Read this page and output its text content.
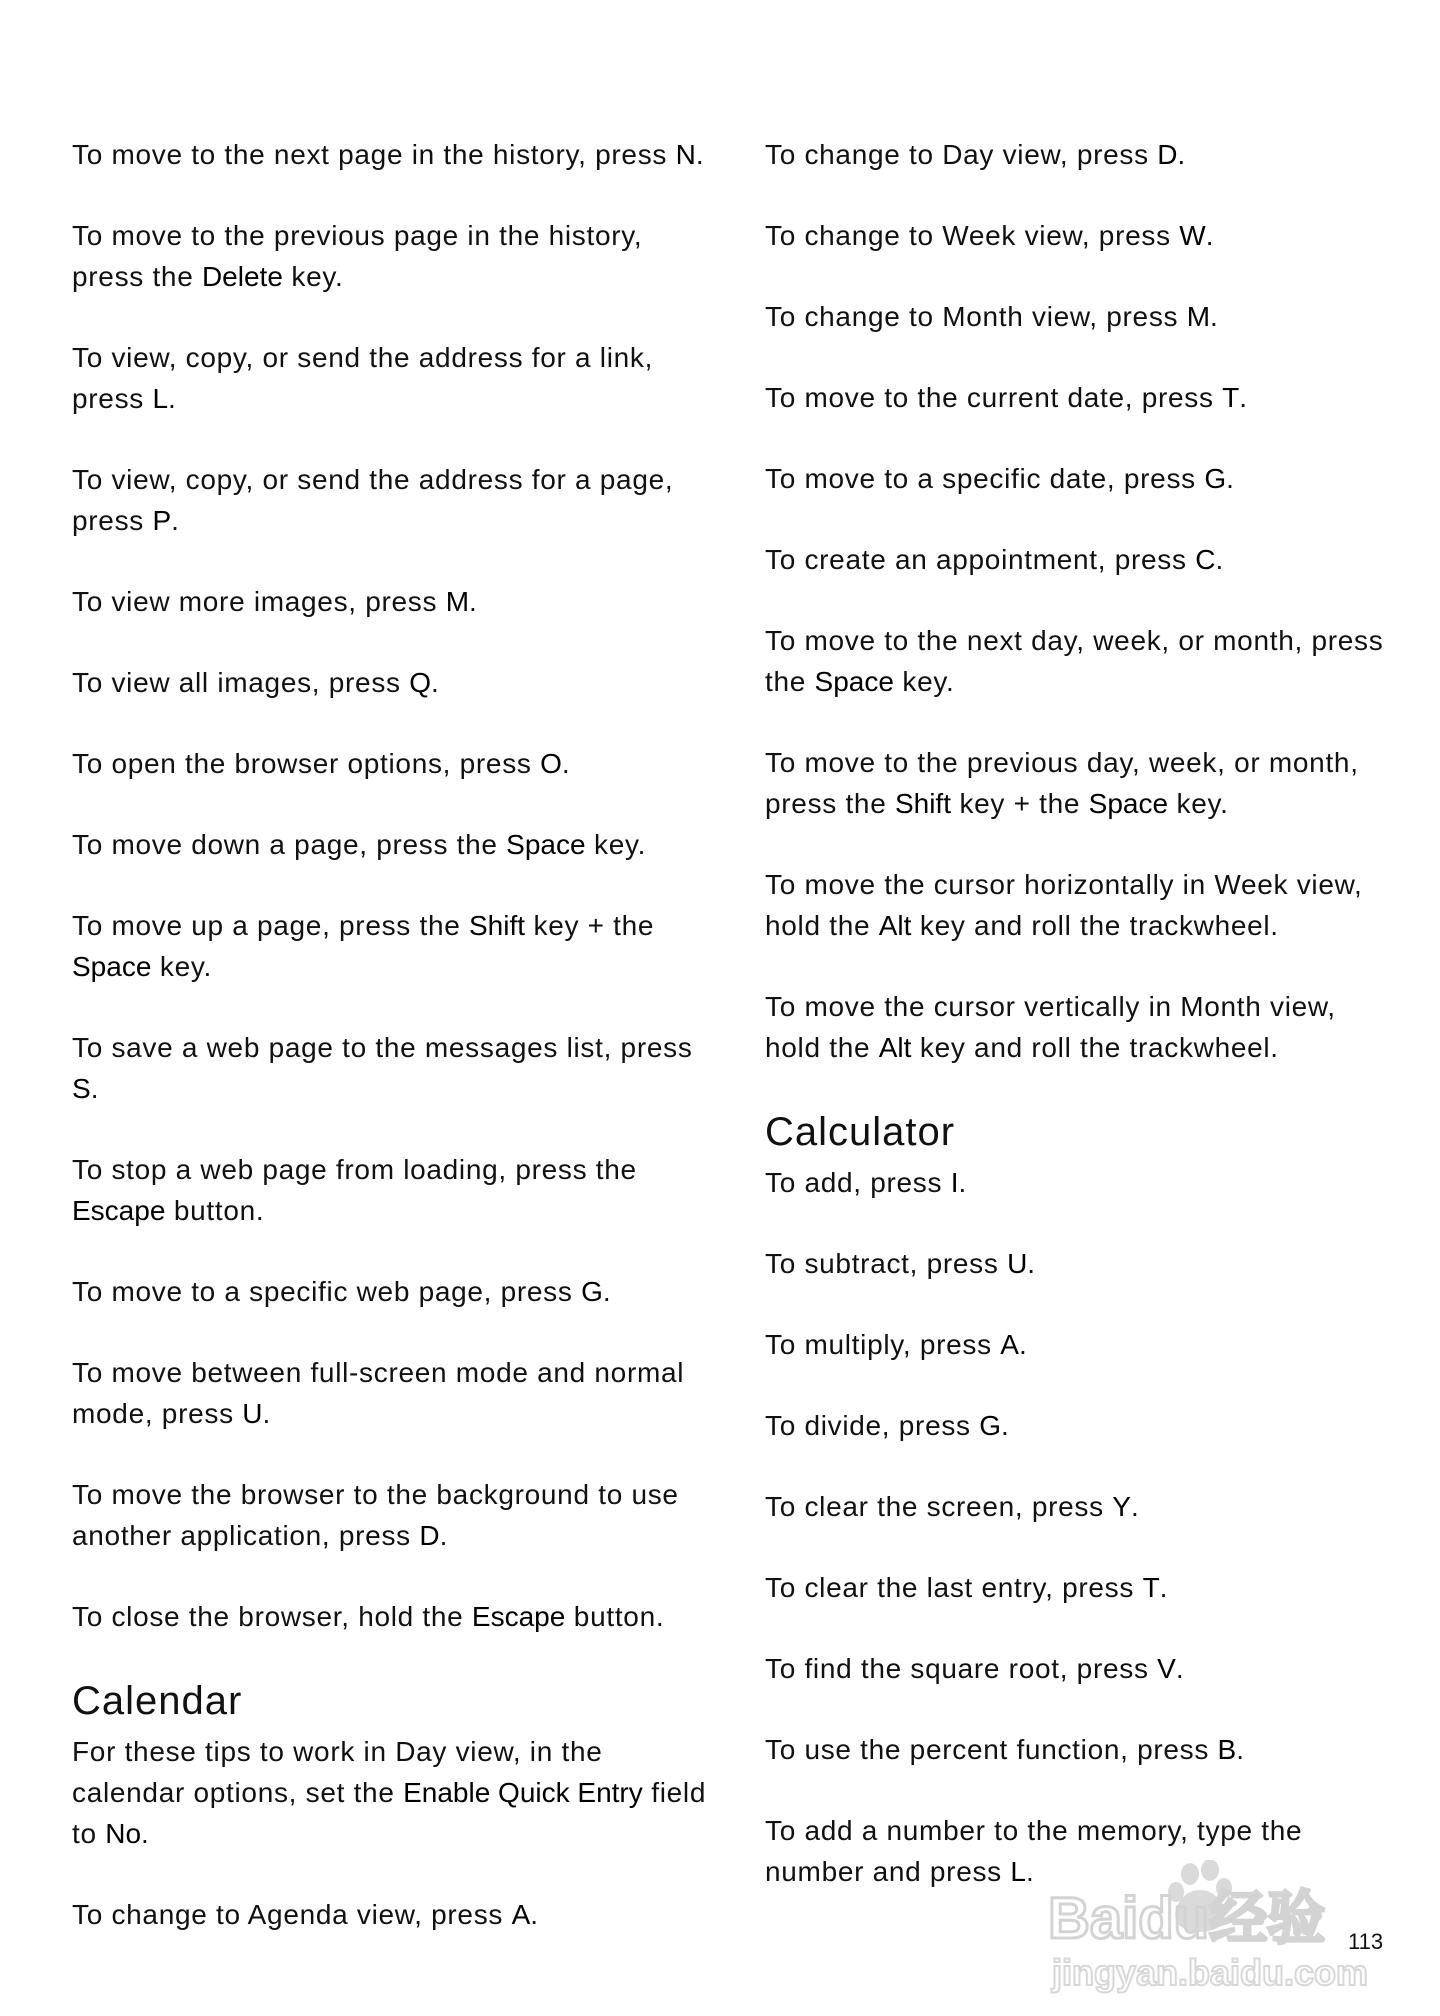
To move to the next page in the history, press N.

To move to the previous page in the history, press the Delete key.

To view, copy, or send the address for a link, press L.

To view, copy, or send the address for a page, press P.

To view more images, press M.

To view all images, press Q.

To open the browser options, press O.

To move down a page, press the Space key.

To move up a page, press the Shift key + the Space key.

To save a web page to the messages list, press S.

To stop a web page from loading, press the Escape button.

To move to a specific web page, press G.

To move between full-screen mode and normal mode, press U.

To move the browser to the background to use another application, press D.

To close the browser, hold the Escape button.

Calendar

For these tips to work in Day view, in the calendar options, set the Enable Quick Entry field to No.

To change to Agenda view, press A.

To change to Day view, press D.

To change to Week view, press W.

To change to Month view, press M.

To move to the current date, press T.

To move to a specific date, press G.

To create an appointment, press C.

To move to the next day, week, or month, press the Space key.

To move to the previous day, week, or month, press the Shift key + the Space key.

To move the cursor horizontally in Week view, hold the Alt key and roll the trackwheel.

To move the cursor vertically in Month view, hold the Alt key and roll the trackwheel.

Calculator

To add, press I.

To subtract, press U.

To multiply, press A.

To divide, press G.

To clear the screen, press Y.

To clear the last entry, press T.

To find the square root, press V.

To use the percent function, press B.

To add a number to the memory, type the number and press L.

Baidu经验
jingyan.baidu.com
113
